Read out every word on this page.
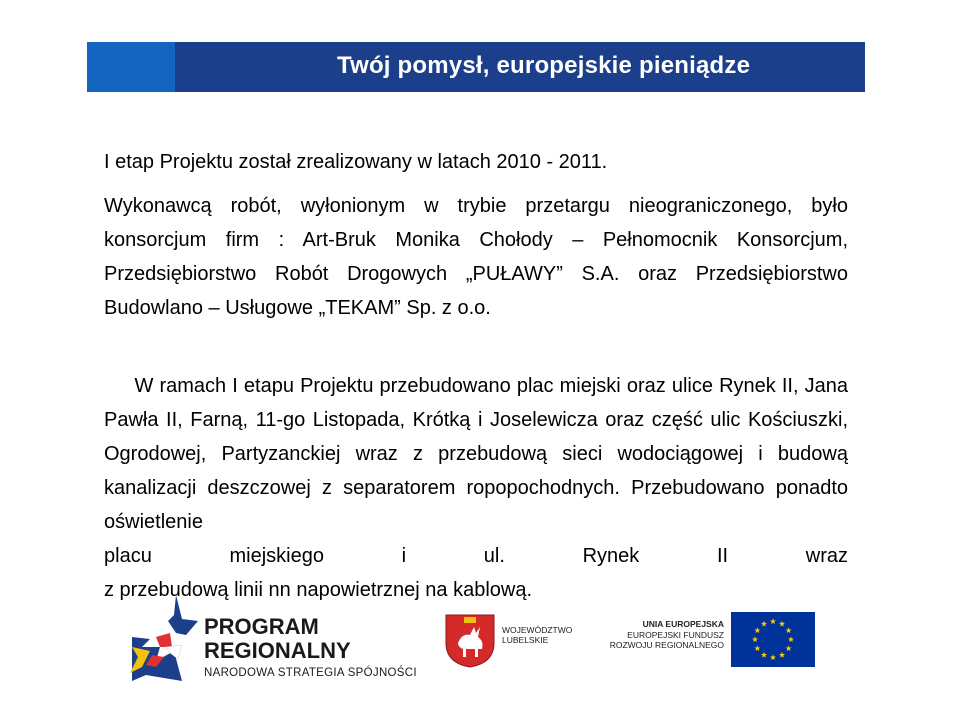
Twój pomysł, europejskie pieniądze

I etap Projektu został zrealizowany w latach 2010 - 2011.

Wykonawcą robót, wyłonionym w trybie przetargu nieograniczonego, było konsorcjum firm : Art-Bruk Monika Chołody – Pełnomocnik Konsorcjum, Przedsiębiorstwo Robót Drogowych „PUŁAWY” S.A. oraz Przedsiębiorstwo Budowlano – Usługowe „TEKAM” Sp. z o.o.

W ramach I etapu Projektu przebudowano plac miejski oraz ulice Rynek II, Jana Pawła II, Farną, 11-go Listopada, Krótką i Joselewicza oraz część ulic Kościuszki, Ogrodowej, Partyzanckiej wraz z przebudową sieci wodociągowej i budową kanalizacji deszczowej z separatorem ropopochodnych. Przebudowano ponadto oświetlenie
placu miejskiego i ul. Rynek II wraz
z przebudową linii nn napowietrznej na kablową.

PROGRAM
REGIONALNY
NARODOWA STRATEGIA SPÓJNOŚCI
WOJEWÓDZTWO
LUBELSKIE
UNIA EUROPEJSKA
EUROPEJSKI FUNDUSZ
ROZWOJU REGIONALNEGO
